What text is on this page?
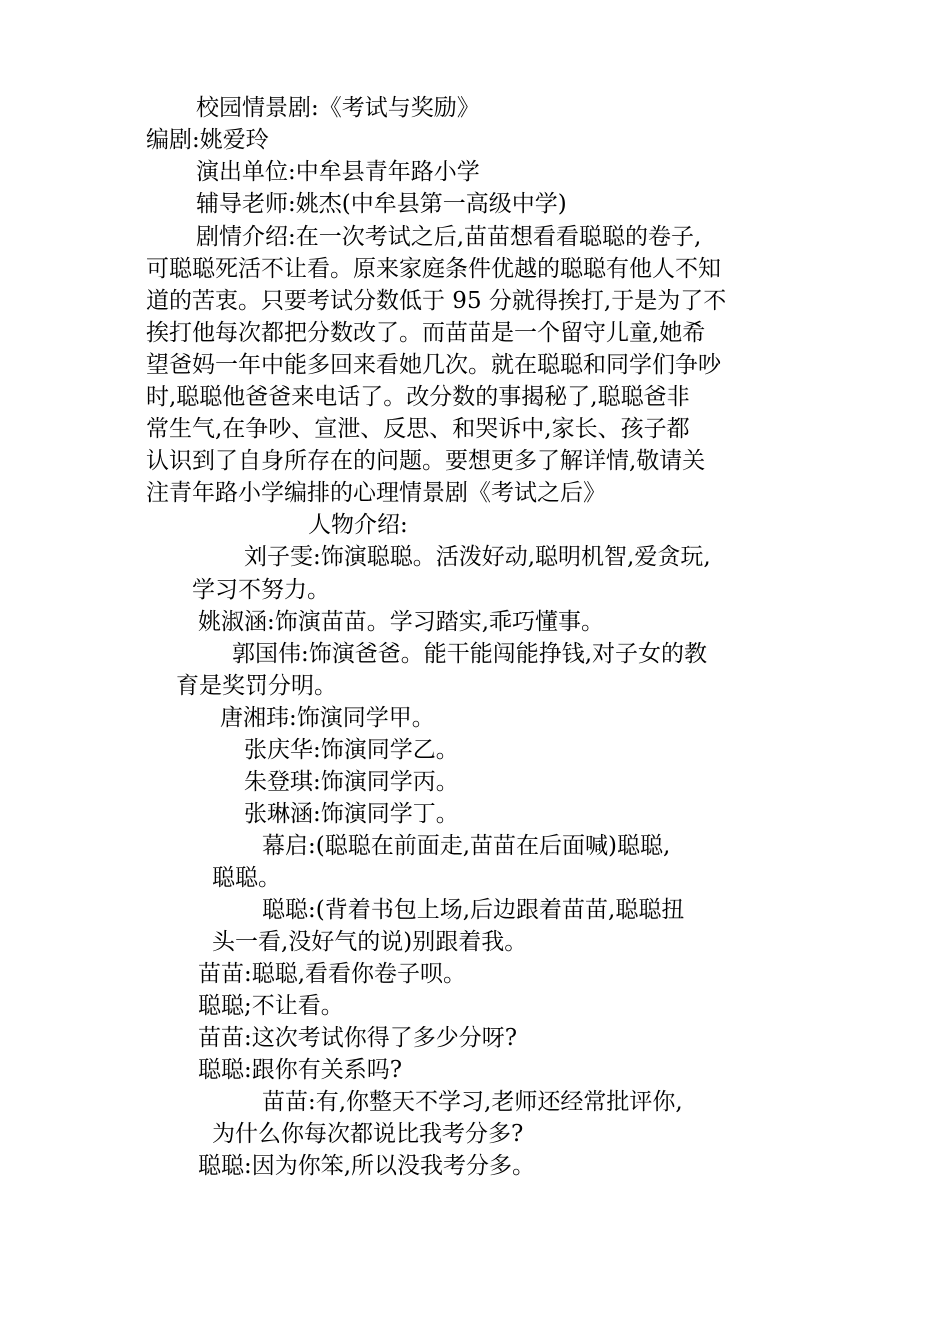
校园情景剧:《考试与奖励》
编剧:姚爱玲
演出单位:中牟县青年路小学
辅导老师:姚杰(中牟县第一高级中学)
剧情介绍:在一次考试之后,苗苗想看看聪聪的卷子,
可聪聪死活不让看。原来家庭条件优越的聪聪有他人不知
道的苦衷。只要考试分数低于 95 分就得挨打,于是为了不
挨打他每次都把分数改了。而苗苗是一个留守儿童,她希
望爸妈一年中能多回来看她几次。就在聪聪和同学们争吵
时,聪聪他爸爸来电话了。改分数的事揭秘了,聪聪爸非
常生气,在争吵、宣泄、反思、和哭诉中,家长、孩子都
认识到了自身所存在的问题。要想更多了解详情,敬请关
注青年路小学编排的心理情景剧《考试之后》
人物介绍:
刘子雯:饰演聪聪。活泼好动,聪明机智,爱贪玩,
学习不努力。
姚淑涵:饰演苗苗。学习踏实,乖巧懂事。
郭国伟:饰演爸爸。能干能闯能挣钱,对子女的教
育是奖罚分明。
唐湘玮:饰演同学甲。
张庆华:饰演同学乙。
朱登琪:饰演同学丙。
张琳涵:饰演同学丁。
幕启:(聪聪在前面走,苗苗在后面喊)聪聪,
聪聪。
聪聪:(背着书包上场,后边跟着苗苗,聪聪扭
头一看,没好气的说)别跟着我。
苗苗:聪聪,看看你卷子呗。
聪聪;不让看。
苗苗:这次考试你得了多少分呀?
聪聪:跟你有关系吗?
苗苗:有,你整天不学习,老师还经常批评你,
为什么你每次都说比我考分多?
聪聪:因为你笨,所以没我考分多。
